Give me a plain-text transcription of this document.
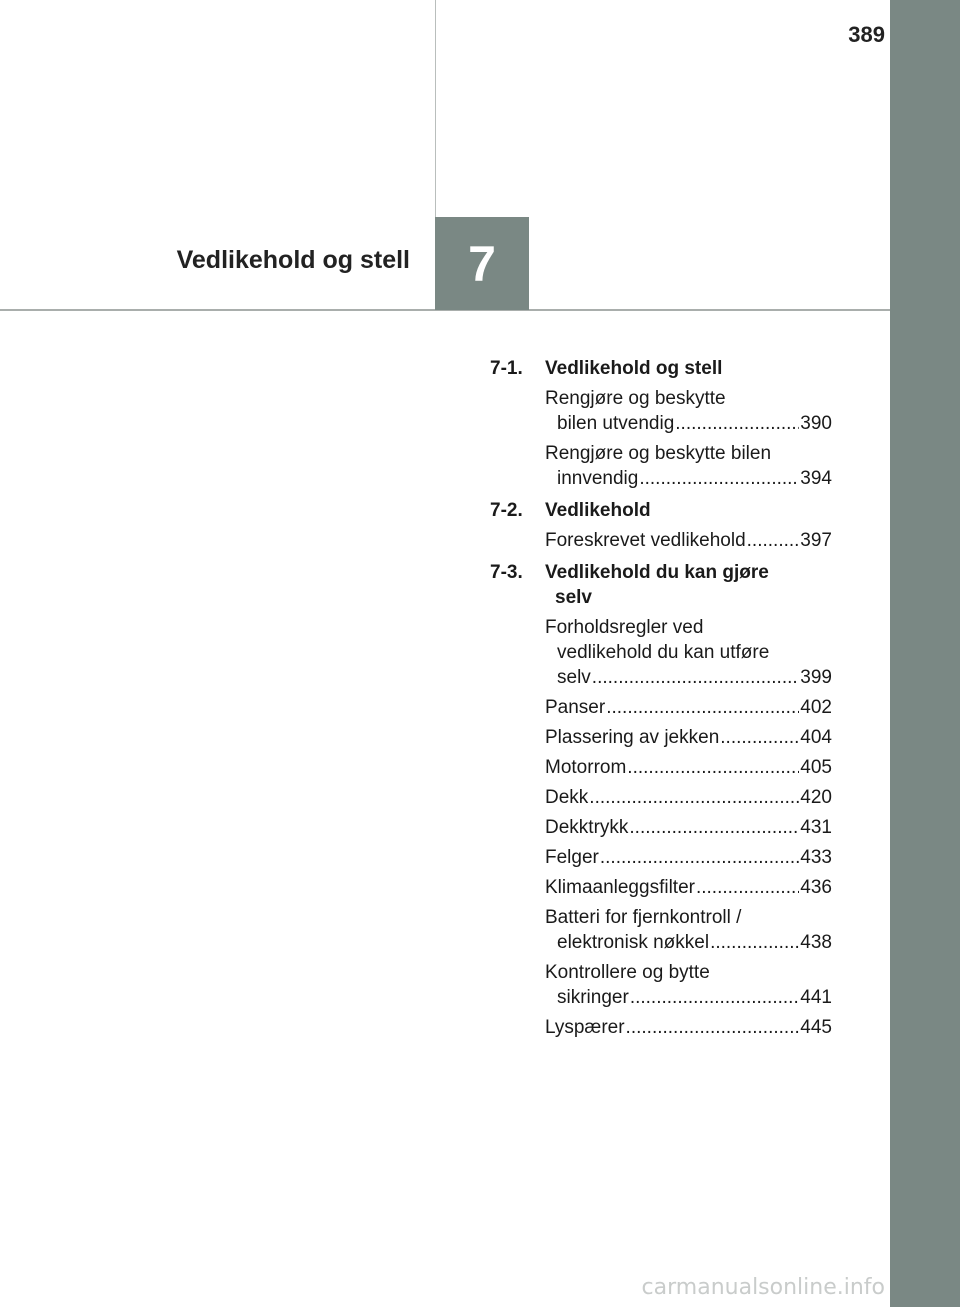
389
7
Vedlikehold og stell
7-1.	Vedlikehold og stell
Rengjøre og beskytte
bilen utvendig .....	390
Rengjøre og beskytte bilen
innvendig .....	394
7-2.	Vedlikehold
Foreskrevet vedlikehold .....	397
7-3.	Vedlikehold du kan gjøre
selv
Forholdsregler ved
vedlikehold du kan utføre
selv .....	399
Panser .....	402
Plassering av jekken .....	404
Motorrom .....	405
Dekk .....	420
Dekktrykk .....	431
Felger .....	433
Klimaanleggsfilter .....	436
Batteri for fjernkontroll /
elektronisk nøkkel .....	438
Kontrollere og bytte
sikringer .....	441
Lyspærer .....	445
carmanualsonline.info
